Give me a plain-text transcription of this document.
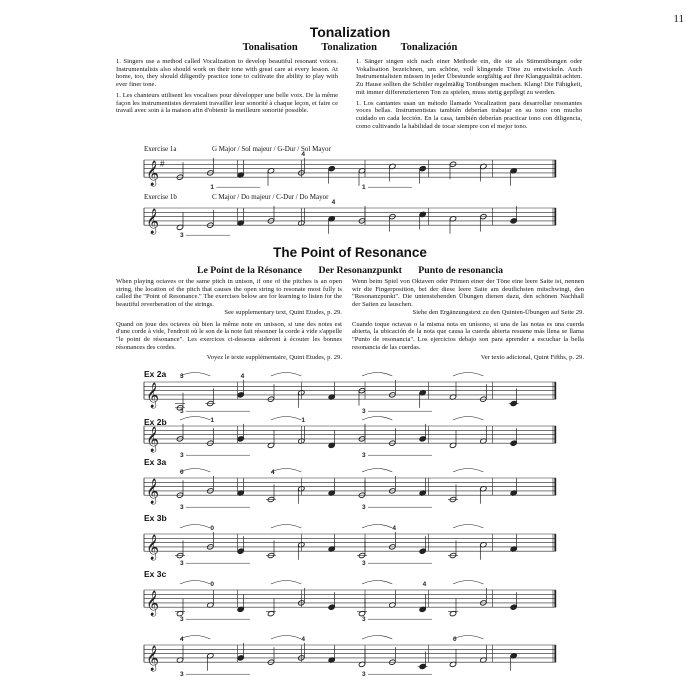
11
Tonalization
Tonalisation Tonalization Tonalización

1. Singers use a method called Vocalization to develop beautiful resonant voices. Instrumentalists also should work on their tone with great care at every lesson. At home, too, they should diligently practice tone to cultivate the ability to play with ever finer tone.

1. Les chanteurs utilisent les vocalises pour développer une belle voix. De la même façon les instrumentistes devraient travailler leur sonorité à chaque leçon, et faire ce travail avec soin à la maison afin d'obtenir la meilleure sonorité possible.

1. Sänger singen sich nach einer Methode ein, die sie als Stimmübungen oder Vokalisation bezeichnen, um schöne, voll klingende Töne zu entwickeln. Auch Instrumentalisten müssen in jeder Übestunde sorgfältig auf ihre Klangqualität achten. Zu Hause sollten die Schüler regelmäßig Tonübungen machen. Klang! Die Fähigkeit, mit immer differenzierteren Ton zu spielen, muss stetig gepflegt zu werden.

1. Los cantantes usan un método llamado Vocalization para desarrollar resonantes voces bellas. Instrumentistas también deberían trabajar en su tono con mucho cuidado en cada lección. En la casa, también deberían practicar tono con diligencia, como cultivando la habilidad de tocar siempre con el mejor tono.

Exercise 1a	G Major / Sol majeur / G-Dur / Sol Mayor
Exercise 1b	C Major / Do majeur / C-Dur / Do Mayor
The Point of Resonance
Le Point de la Résonance Der Resonanzpunkt Punto de resonancia

When playing octaves or the same pitch in unison, if one of the pitches is an open string, the location of the pitch that causes the open string to resonate most fully is called the "Point of Resonance." The exercises below are for learning to listen for the beautiful reverberation of the strings.

See supplementary text, Quint Etudes, p. 29.

Quand on joue des octaves où bien la même note en unisson, si une des notes est d'une corde à vide, l'endroit où le son de la note fait résonner la corde à vide s'appelle "le point de résonance". Les exercices ci-dessous aideront à écouter les bonnes résonances des cordes.

Voyez le texte supplémentaire, Quint Etudes, p. 29.

Wenn beim Spiel von Oktaven oder Primen einer der Töne eine leere Saite ist, nennen wir die Fingerposition, bei der diese leere Saite am deutlichsten mitschwingt, den "Resonanzpunkt". Die untenstehenden Übungen dienen dazu, den schönen Nachhall der Saiten zu lauschen.

Siehe den Ergänzungstext zu den Quinten-Übungen auf Seite 29.

Cuando toque octavas o la misma nota en unísono, si una de las notas es una cuerda abierta, la ubicación de la nota que causa la cuerda abierta resuene más llena se llama "Punto de resonancia". Los ejercicios debajo son para aprender a escuchar la bella resonancia de las cuerdas.

Ver texto adicional, Quint Fifths, p. 29.
Ex 2a
Ex 2b
Ex 3a
Ex 3b
Ex 3c
𝄞 #
1	1
4
𝄞
3
4
𝄞
3	4
3	3
𝄞
1	1
3	3
𝄞
0	4
3	3
𝄞
0	4
3	3
𝄞
0	4
3	3
𝄞
4	4	0
3	3
